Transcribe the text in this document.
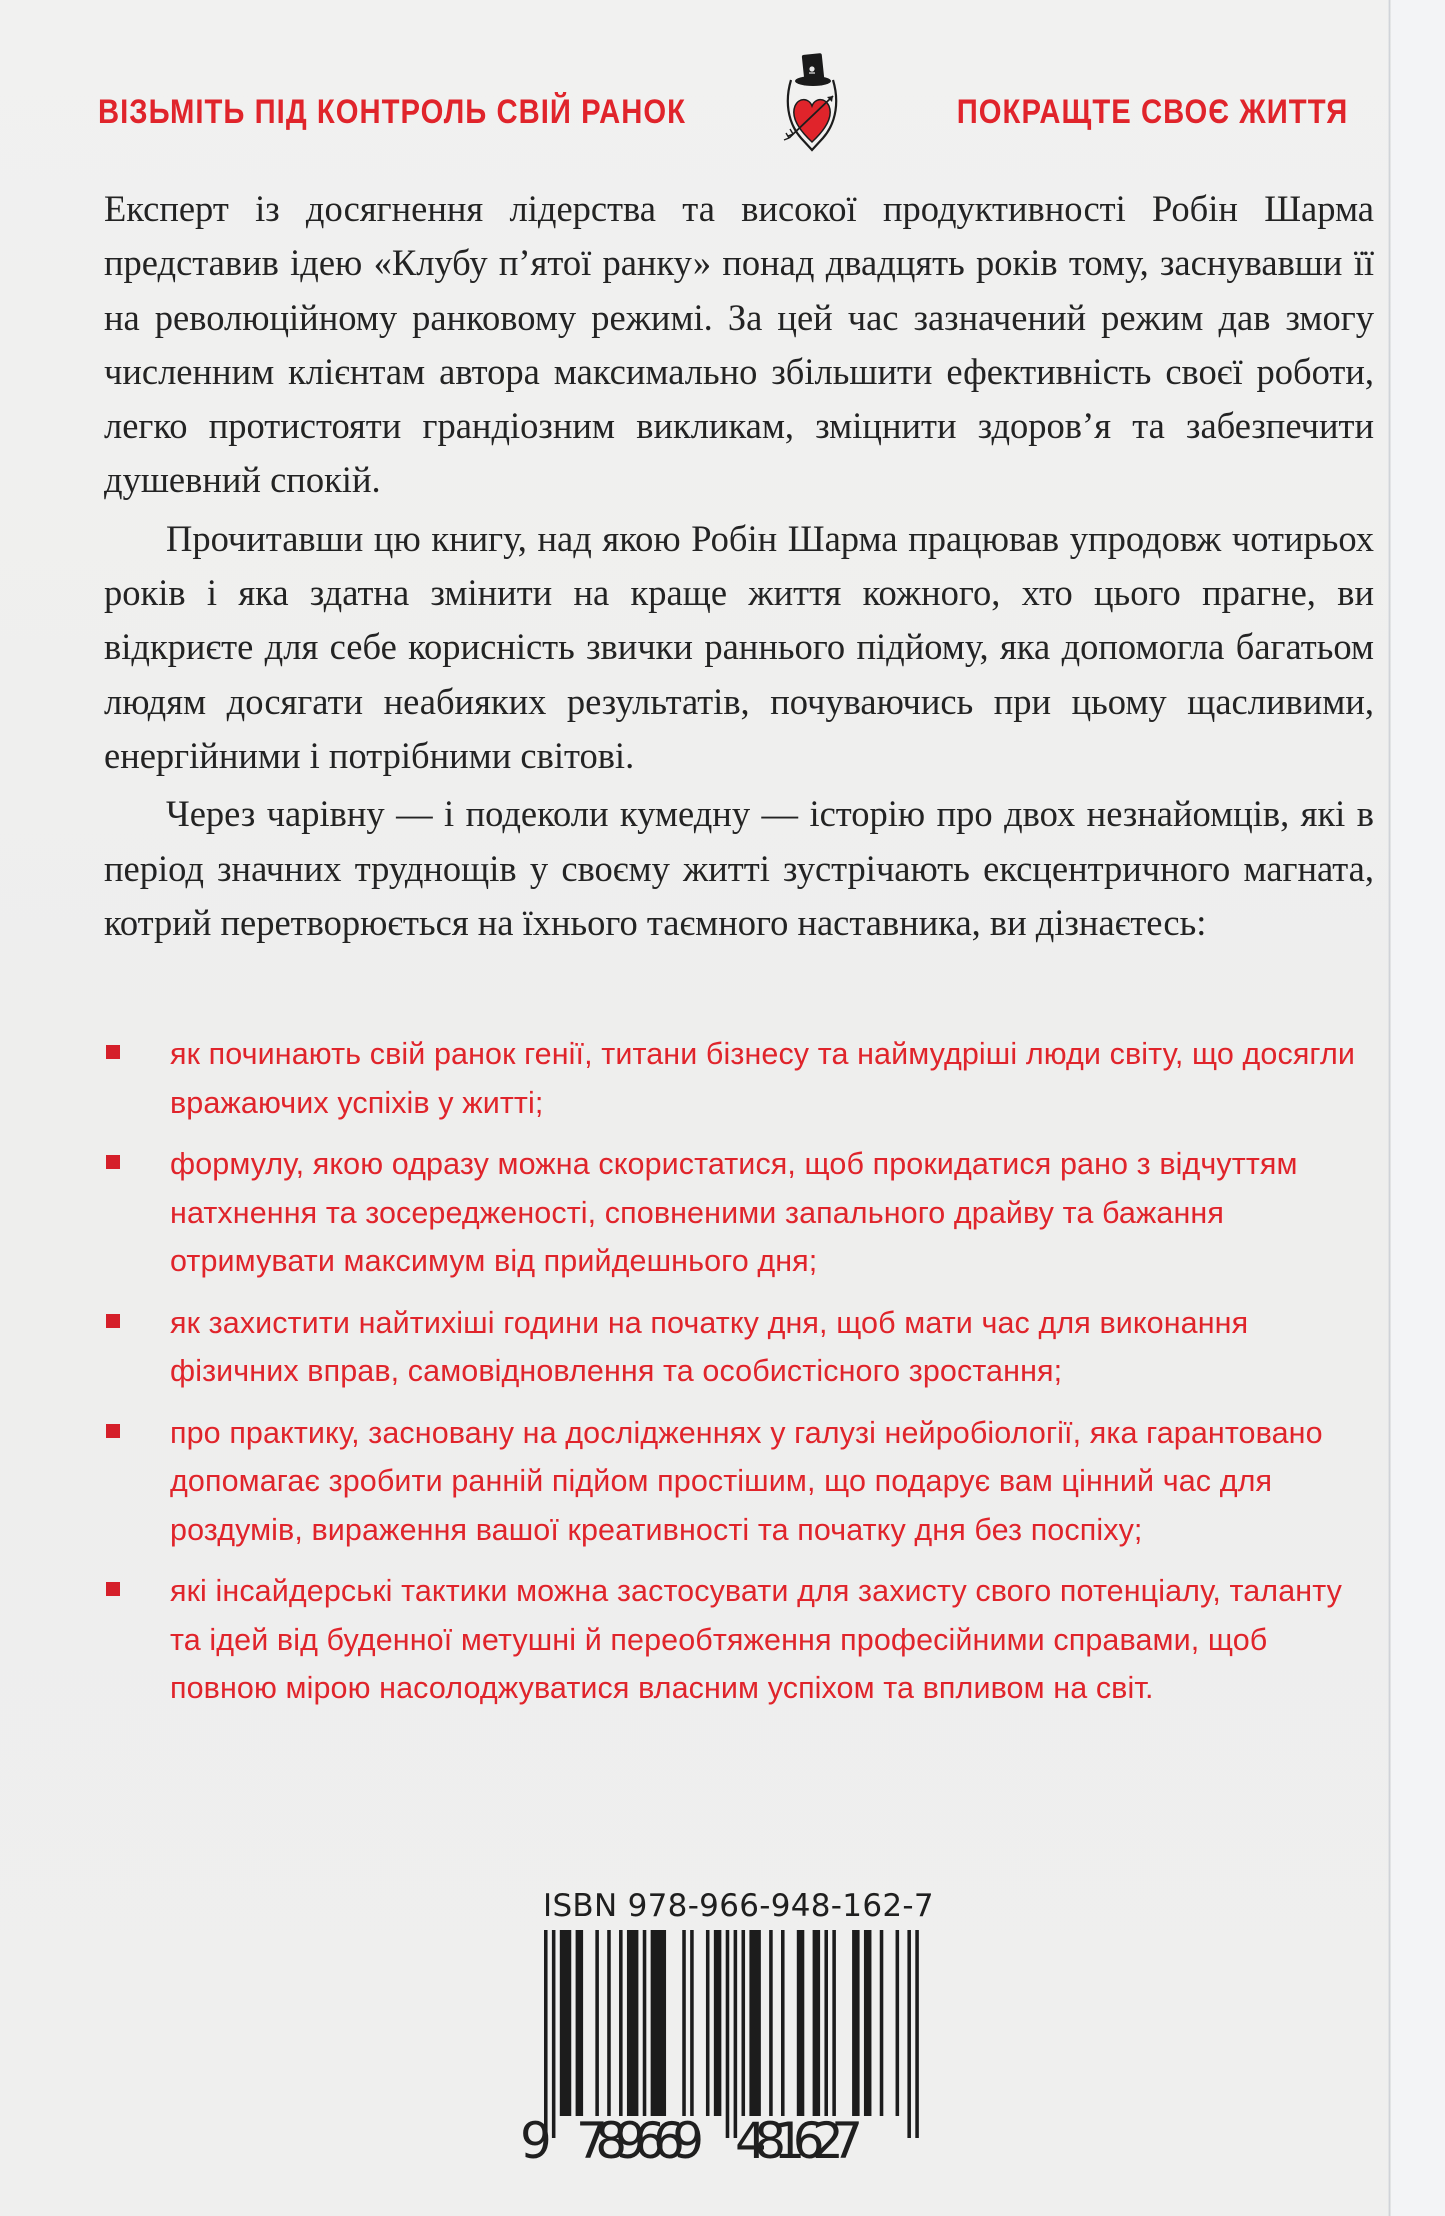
ВІЗЬМІТЬ ПІД КОНТРОЛЬ СВІЙ РАНОК	ПОКРАЩТЕ СВОЄ ЖИТТЯ

Експерт із досягнення лідерства та високої продуктивності Робін Шарма представив ідею «Клубу п’ятої ранку» понад двадцять років тому, заснувавши її на революційному ранковому режимі. За цей час зазначений режим дав змогу численним клієнтам автора максимально збільшити ефективність своєї роботи, легко протистояти грандіозним викликам, зміцнити здоров’я та забезпечити душевний спокій.

Прочитавши цю книгу, над якою Робін Шарма працював упродовж чотирьох років і яка здатна змінити на краще життя кожного, хто цього прагне, ви відкриєте для себе корисність звички раннього підйому, яка допомогла багатьом людям досягати неабияких результатів, почуваючись при цьому щасливими, енергійними і потрібними світові.

Через чарівну — і подеколи кумедну — історію про двох незнайомців, які в період значних труднощів у своєму житті зустрічають ексцентричного магната, котрий перетворюється на їхнього таємного наставника, ви дізнаєтесь:

як починають свій ранок генії, титани бізнесу та наймудріші люди світу, що досягли вражаючих успіхів у житті;
формулу, якою одразу можна скористатися, щоб прокидатися рано з відчуттям натхнення та зосередженості, сповненими запального драйву та бажання отримувати максимум від прийдешнього дня;
як захистити найтихіші години на початку дня, щоб мати час для виконання фізичних вправ, самовідновлення та особистісного зростання;
про практику, засновану на дослідженнях у галузі нейробіології, яка гарантовано допомагає зробити ранній підйом простішим, що подарує вам цінний час для роздумів, вираження вашої креативності та початку дня без поспіху;
які інсайдерські тактики можна застосувати для захисту свого потенціалу, таланту та ідей від буденної метушні й переобтяження професійними справами, щоб повною мірою насолоджуватися власним успіхом та впливом на світ.
ISBN 978-966-948-162-7
9 789669 481627
